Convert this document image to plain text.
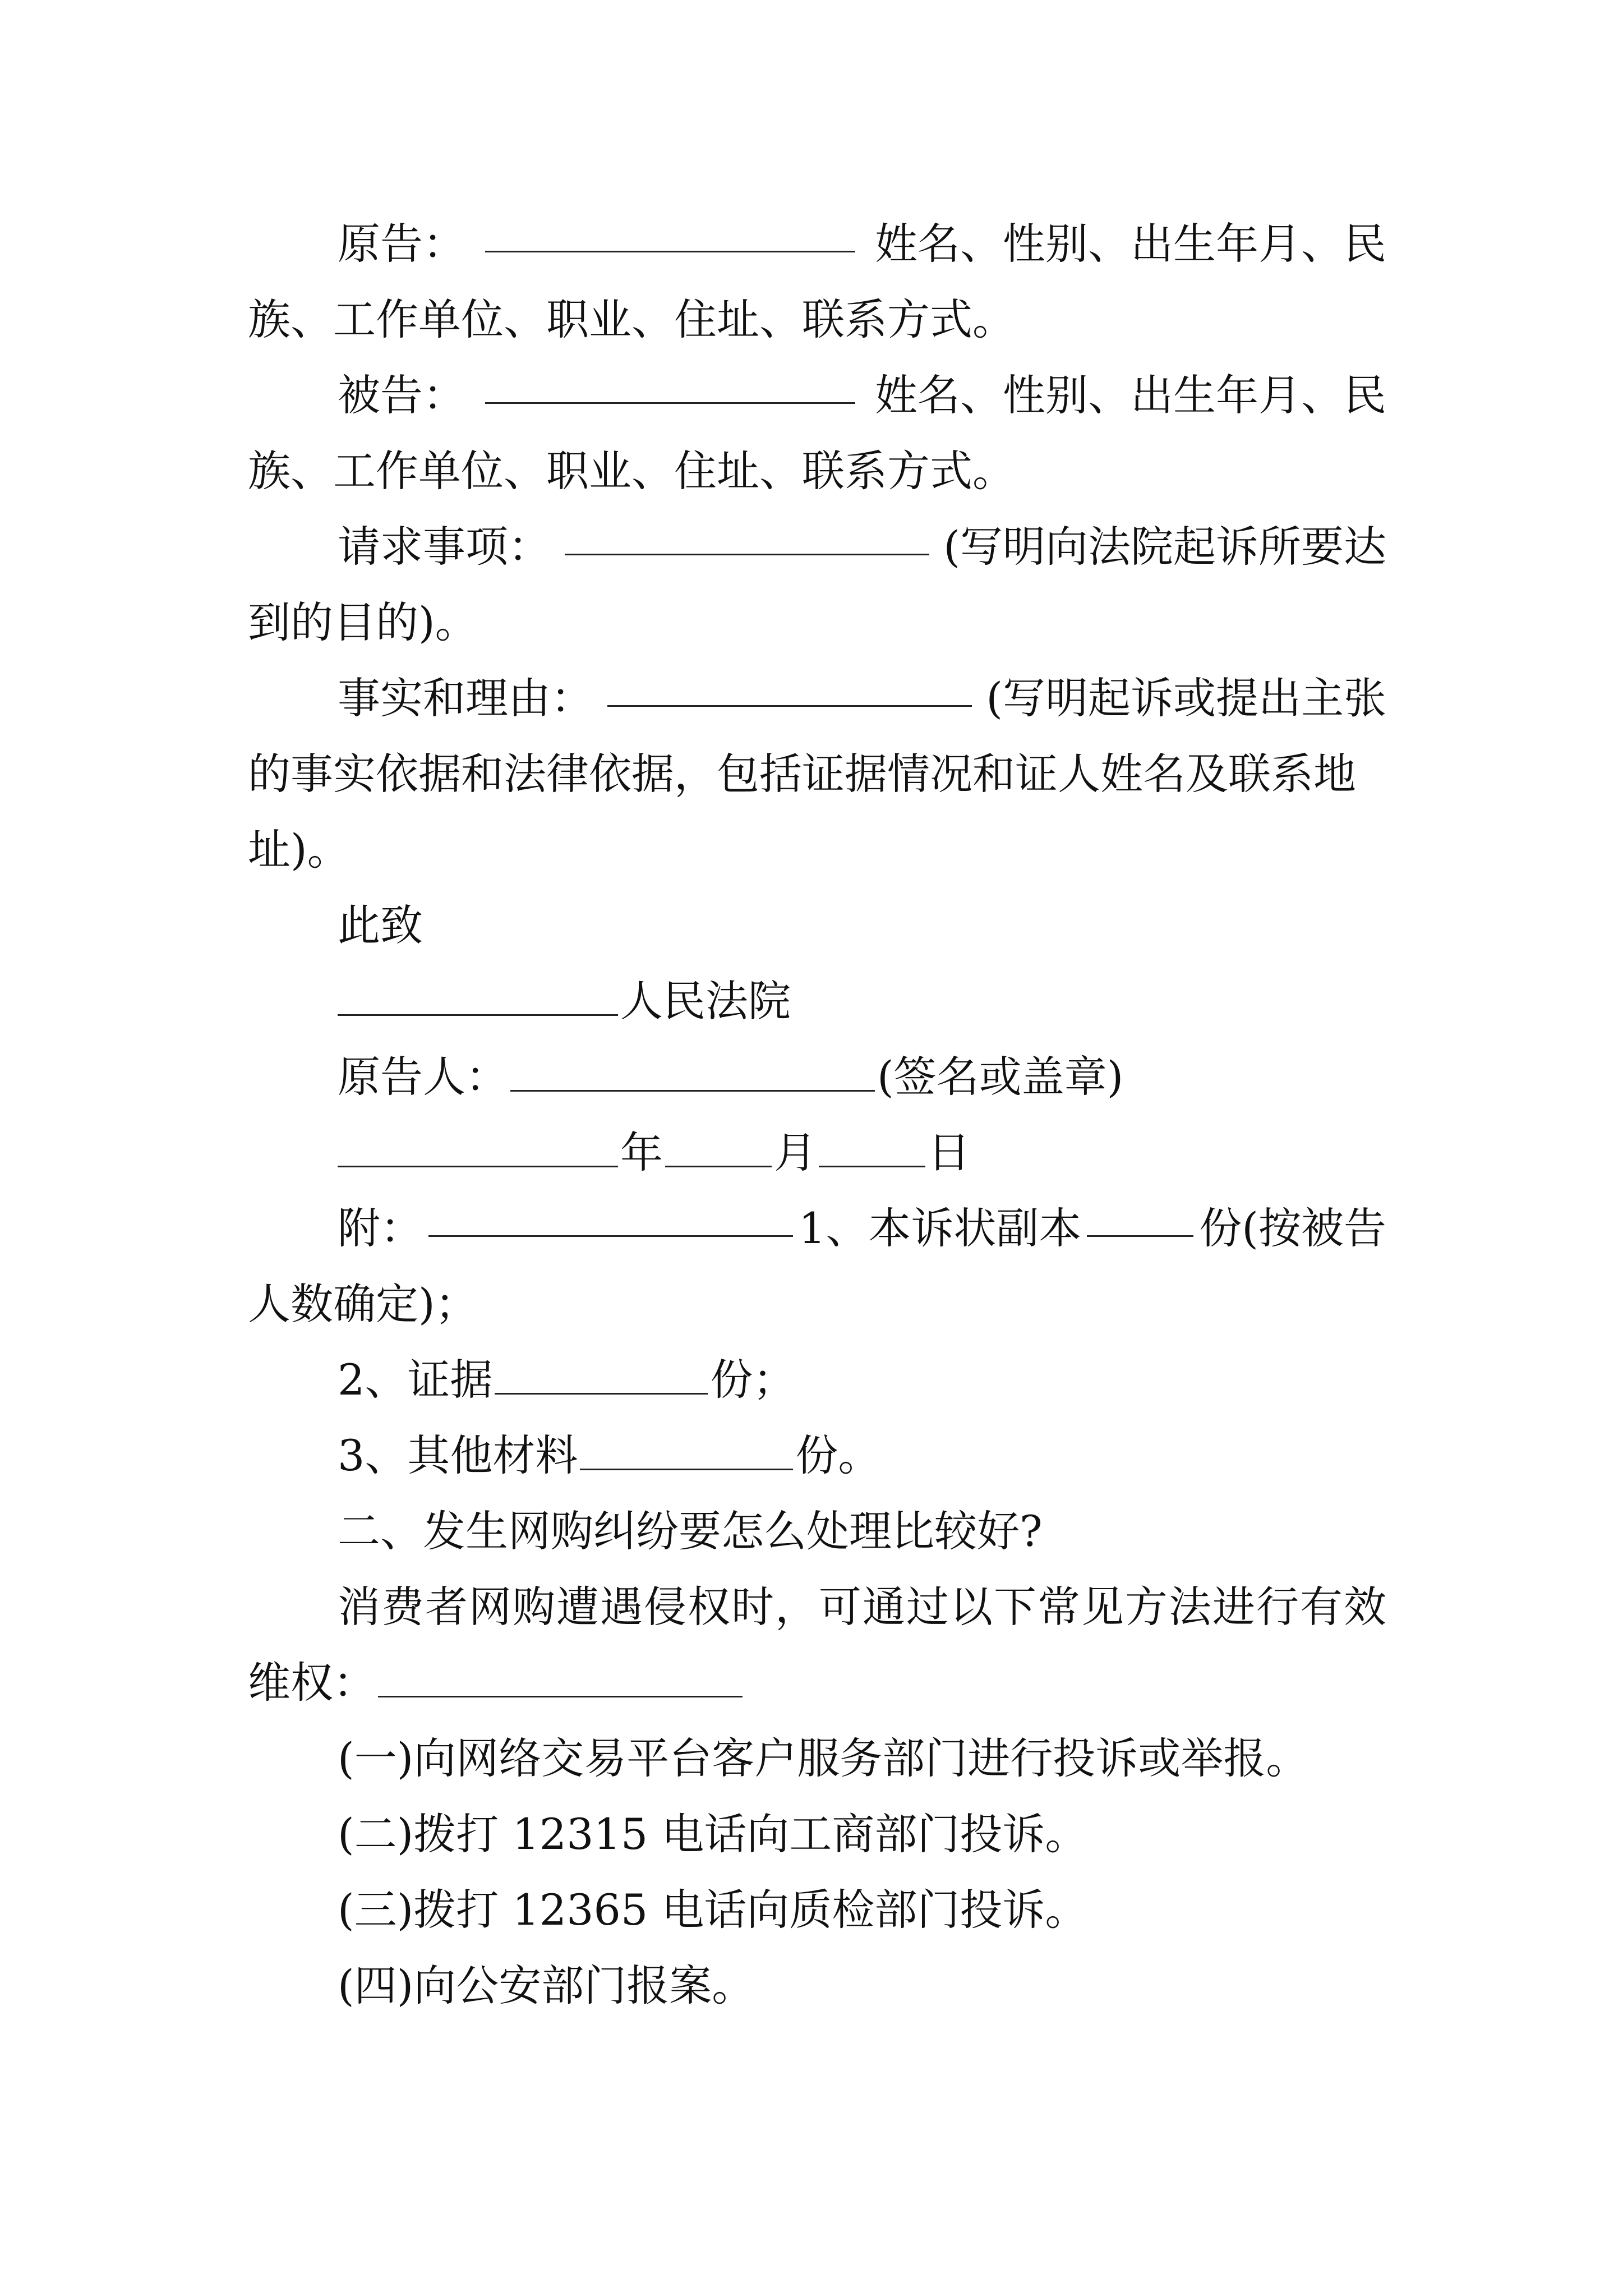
原告：	姓名、性别、出生年月、民
族、工作单位、职业、住址、联系方式。
被告：	姓名、性别、出生年月、民
族、工作单位、职业、住址、联系方式。
请求事项：	(写明向法院起诉所要达
到的目的)。
事实和理由：	(写明起诉或提出主张
的事实依据和法律依据，包括证据情况和证人姓名及联系地
址)。
此致
人民法院
原告人：	(签名或盖章)
年	月	日
附：	1、本诉状副本	份(按被告
人数确定)；
2、证据	份；
3、其他材料	份。
二、发生网购纠纷要怎么处理比较好?
消费者网购遭遇侵权时，可通过以下常见方法进行有效
维权：
(一)向网络交易平台客户服务部门进行投诉或举报。
(二)拨打 12315 电话向工商部门投诉。
(三)拨打 12365 电话向质检部门投诉。
(四)向公安部门报案。
